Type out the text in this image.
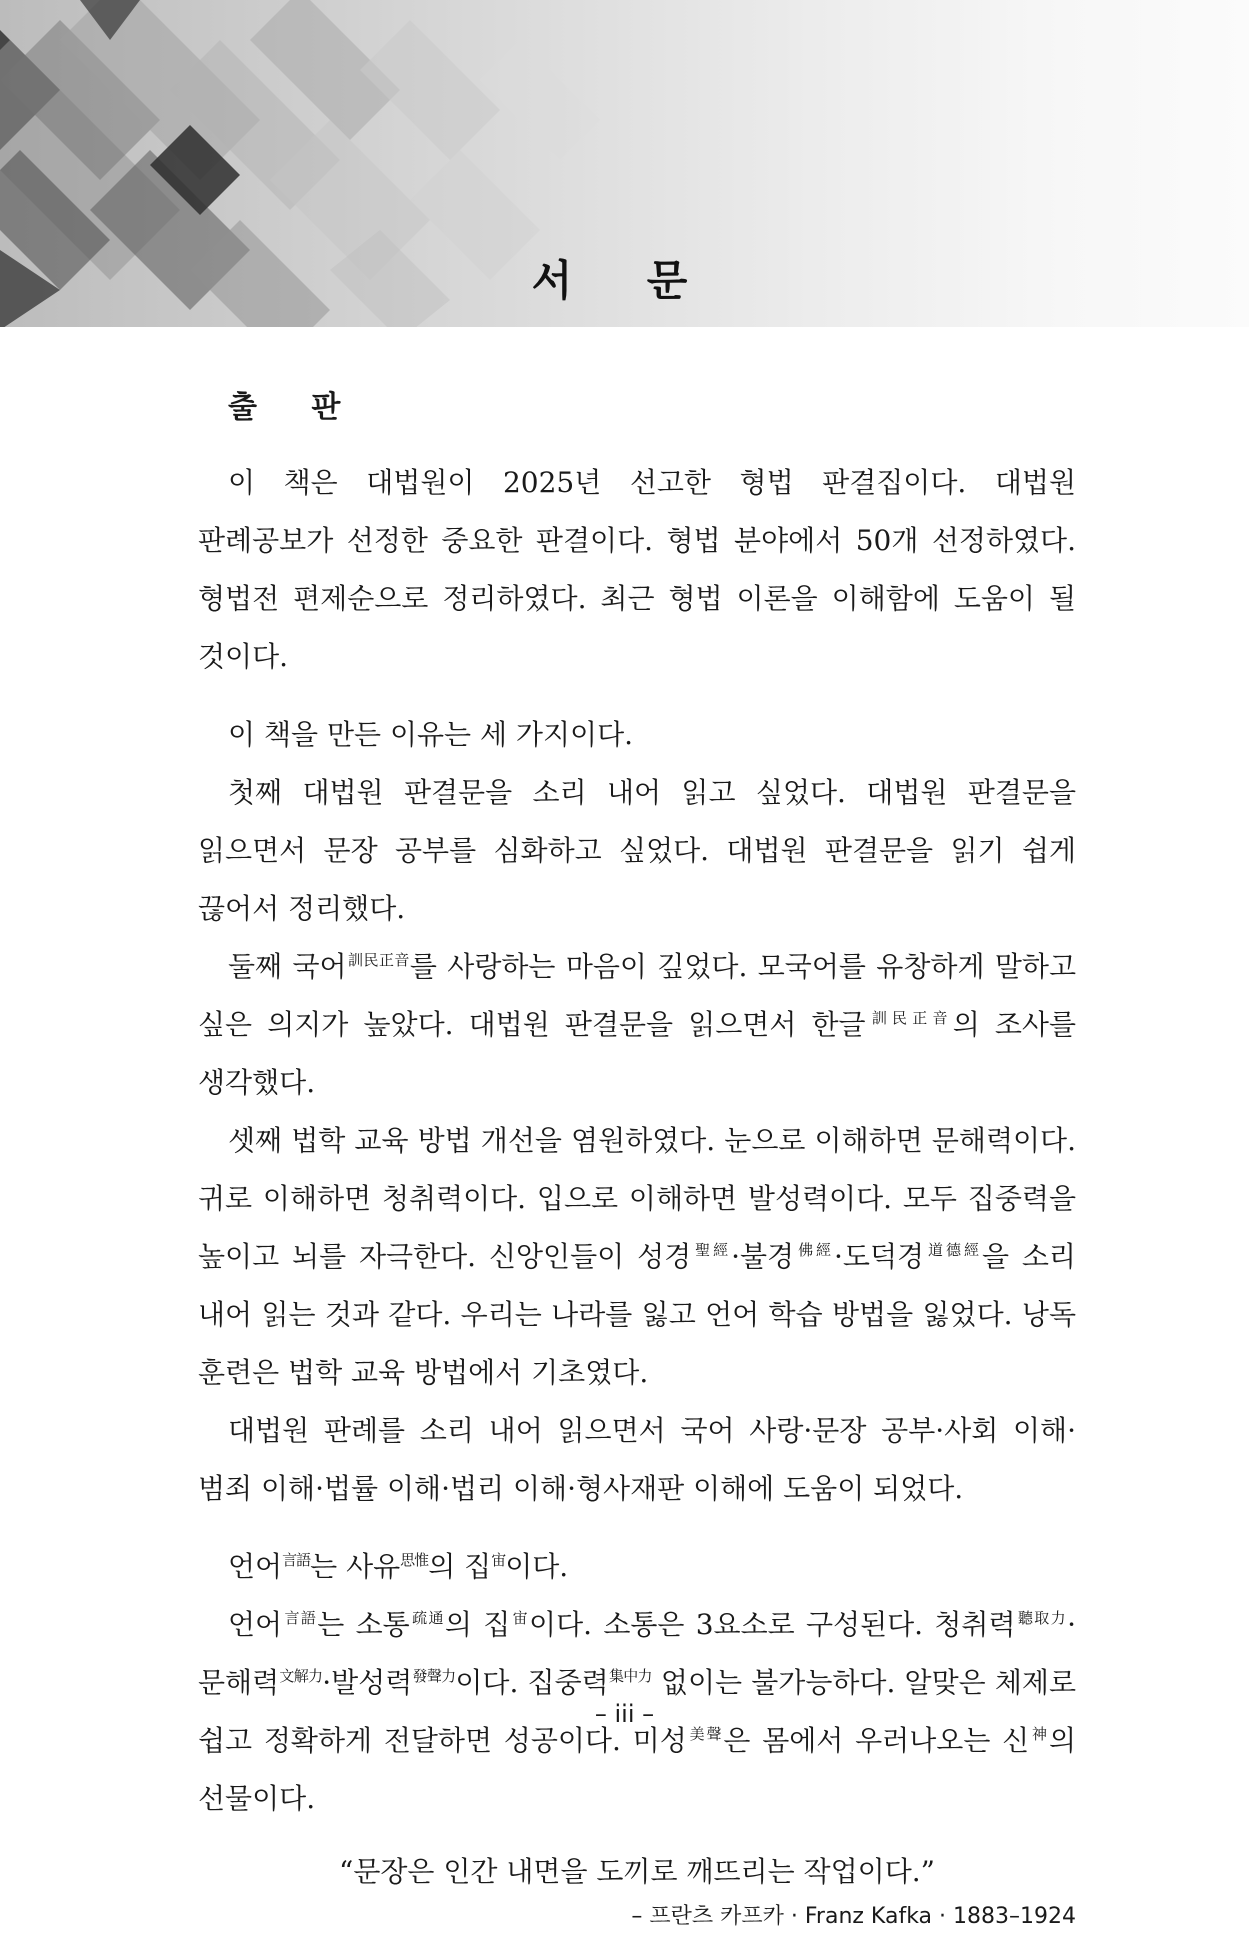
서 문
출 판

이 책은 대법원이 2025년 선고한 형법 판결집이다. 대법원 판례공보가 선정한 중요한 판결이다. 형법 분야에서 50개 선정하였다. 형법전 편제순으로 정리하였다. 최근 형법 이론을 이해함에 도움이 될 것이다.

이 책을 만든 이유는 세 가지이다.

첫째 대법원 판결문을 소리 내어 읽고 싶었다. 대법원 판결문을 읽으면서 문장 공부를 심화하고 싶었다. 대법원 판결문을 읽기 쉽게 끊어서 정리했다.

둘째 국어$^{訓民正音}$를 사랑하는 마음이 깊었다. 모국어를 유창하게 말하고 싶은 의지가 높았다. 대법원 판결문을 읽으면서 한글$^{訓民正音}$의 조사를 생각했다.

셋째 법학 교육 방법 개선을 염원하였다. 눈으로 이해하면 문해력이다. 귀로 이해하면 청취력이다. 입으로 이해하면 발성력이다. 모두 집중력을 높이고 뇌를 자극한다. 신앙인들이 성경$^{聖經}$·불경$^{佛經}$·도덕경$^{道德經}$을 소리 내어 읽는 것과 같다. 우리는 나라를 잃고 언어 학습 방법을 잃었다. 낭독 훈련은 법학 교육 방법에서 기초였다.

대법원 판례를 소리 내어 읽으면서 국어 사랑·문장 공부·사회 이해·범죄 이해·법률 이해·법리 이해·형사재판 이해에 도움이 되었다.

언어$^{言語}$는 사유$^{思惟}$의 집$^宙$이다.

언어$^{言語}$는 소통$^{疏通}$의 집$^宙$이다. 소통은 3요소로 구성된다. 청취력$^{聽取力}$·문해력$^{文解力}$·발성력$^{發聲力}$이다. 집중력$^{集中力}$ 없이는 불가능하다. 알맞은 체제로 쉽고 정확하게 전달하면 성공이다. 미성$^{美聲}$은 몸에서 우러나오는 신$^神$의 선물이다.

“문장은 인간 내면을 도끼로 깨뜨리는 작업이다.”
– 프란츠 카프카 · Franz Kafka · 1883–1924
– iii –
